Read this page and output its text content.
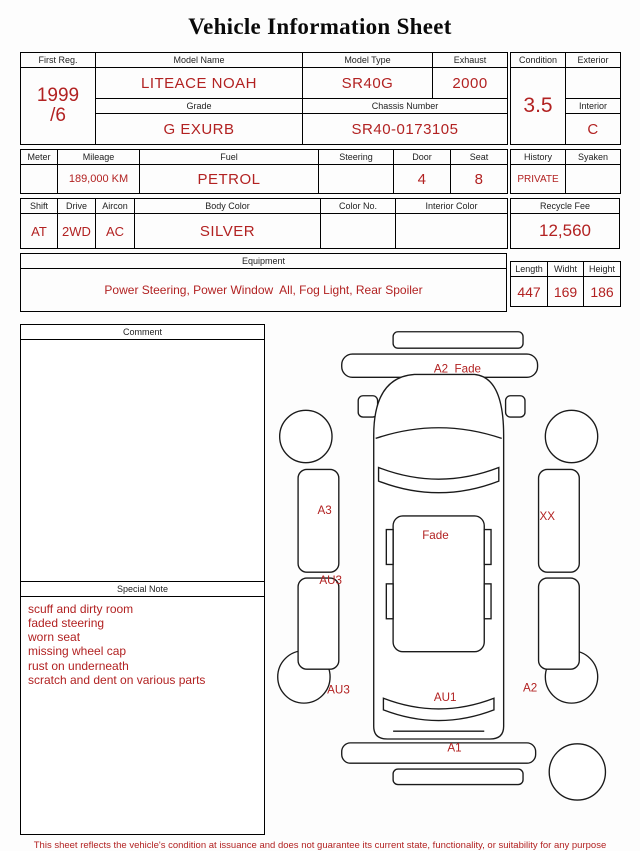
Vehicle Information Sheet
First Reg.	Model Name	Model Type	Exhaust

1999
/6	LITEACE NOAH	SR40G	2000
	Grade	Chassis Number	
	G EXURB	SR40-0173105	
Meter	Mileage	Fuel	Steering	Door	Seat
	189,000 KM	PETROL		4	8
Shift	Drive	Aircon	Body Color	Color No.	Interior Color
AT	2WD	AC	SILVER		
Equipment
Power Steering, Power Window  All, Fog Light, Rear Spoiler
Condition	Exterior
3.5	
	Interior
	C
History	Syaken
PRIVATE	
Recycle Fee
12,560
Length	Widht	Height
447	169	186
Comment
Special Note
scuff and dirty room
faded steering
worn seat
missing wheel cap
rust on underneath
scratch and dent on various parts
A2  Fade
A3	XX
Fade
AU3
AU3
AU1
A2
A1
This sheet reflects the vehicle's condition at issuance and does not guarantee its current state, functionality, or suitability for any purpose
